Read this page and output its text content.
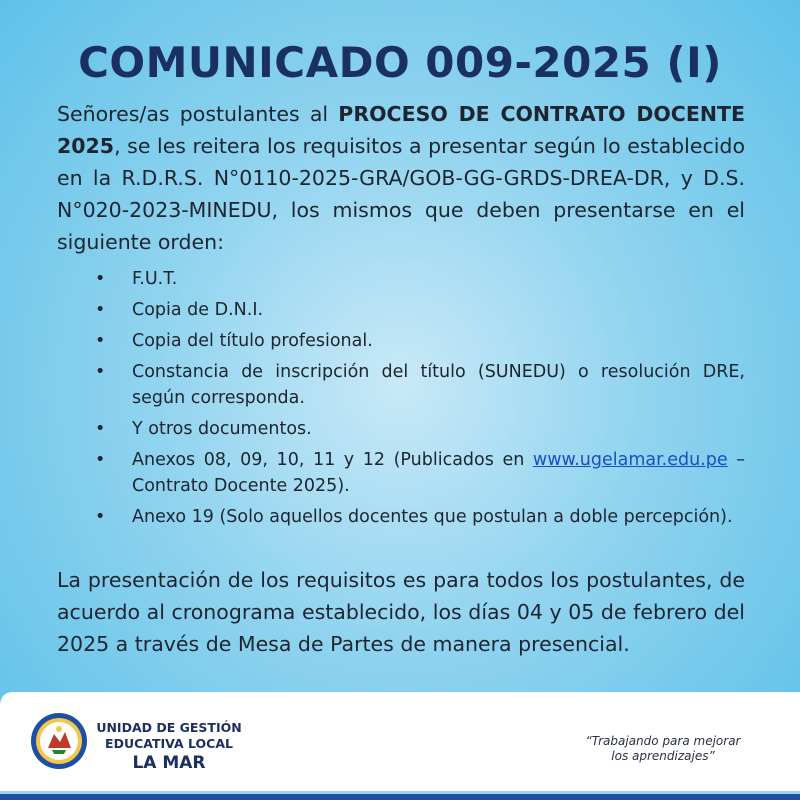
COMUNICADO 009-2025 (I)

Señores/as postulantes al PROCESO DE CONTRATO DOCENTE 2025, se les reitera los requisitos a presentar según lo establecido en la R.D.R.S. N°0110-2025-GRA/GOB-GG-GRDS-DREA-DR, y D.S. N°020-2023-MINEDU, los mismos que deben presentarse en el siguiente orden:

• F.U.T.
• Copia de D.N.I.
• Copia del título profesional.
• Constancia de inscripción del título (SUNEDU) o resolución DRE, según corresponda.
• Y otros documentos.
• Anexos 08, 09, 10, 11 y 12 (Publicados en www.ugelamar.edu.pe – Contrato Docente 2025).
• Anexo 19 (Solo aquellos docentes que postulan a doble percepción).

La presentación de los requisitos es para todos los postulantes, de acuerdo al cronograma establecido, los días 04 y 05 de febrero del 2025 a través de Mesa de Partes de manera presencial.

UNIDAD DE GESTIÓN
EDUCATIVA LOCAL
LA MAR
“Trabajando para mejorar
los aprendizajes”
